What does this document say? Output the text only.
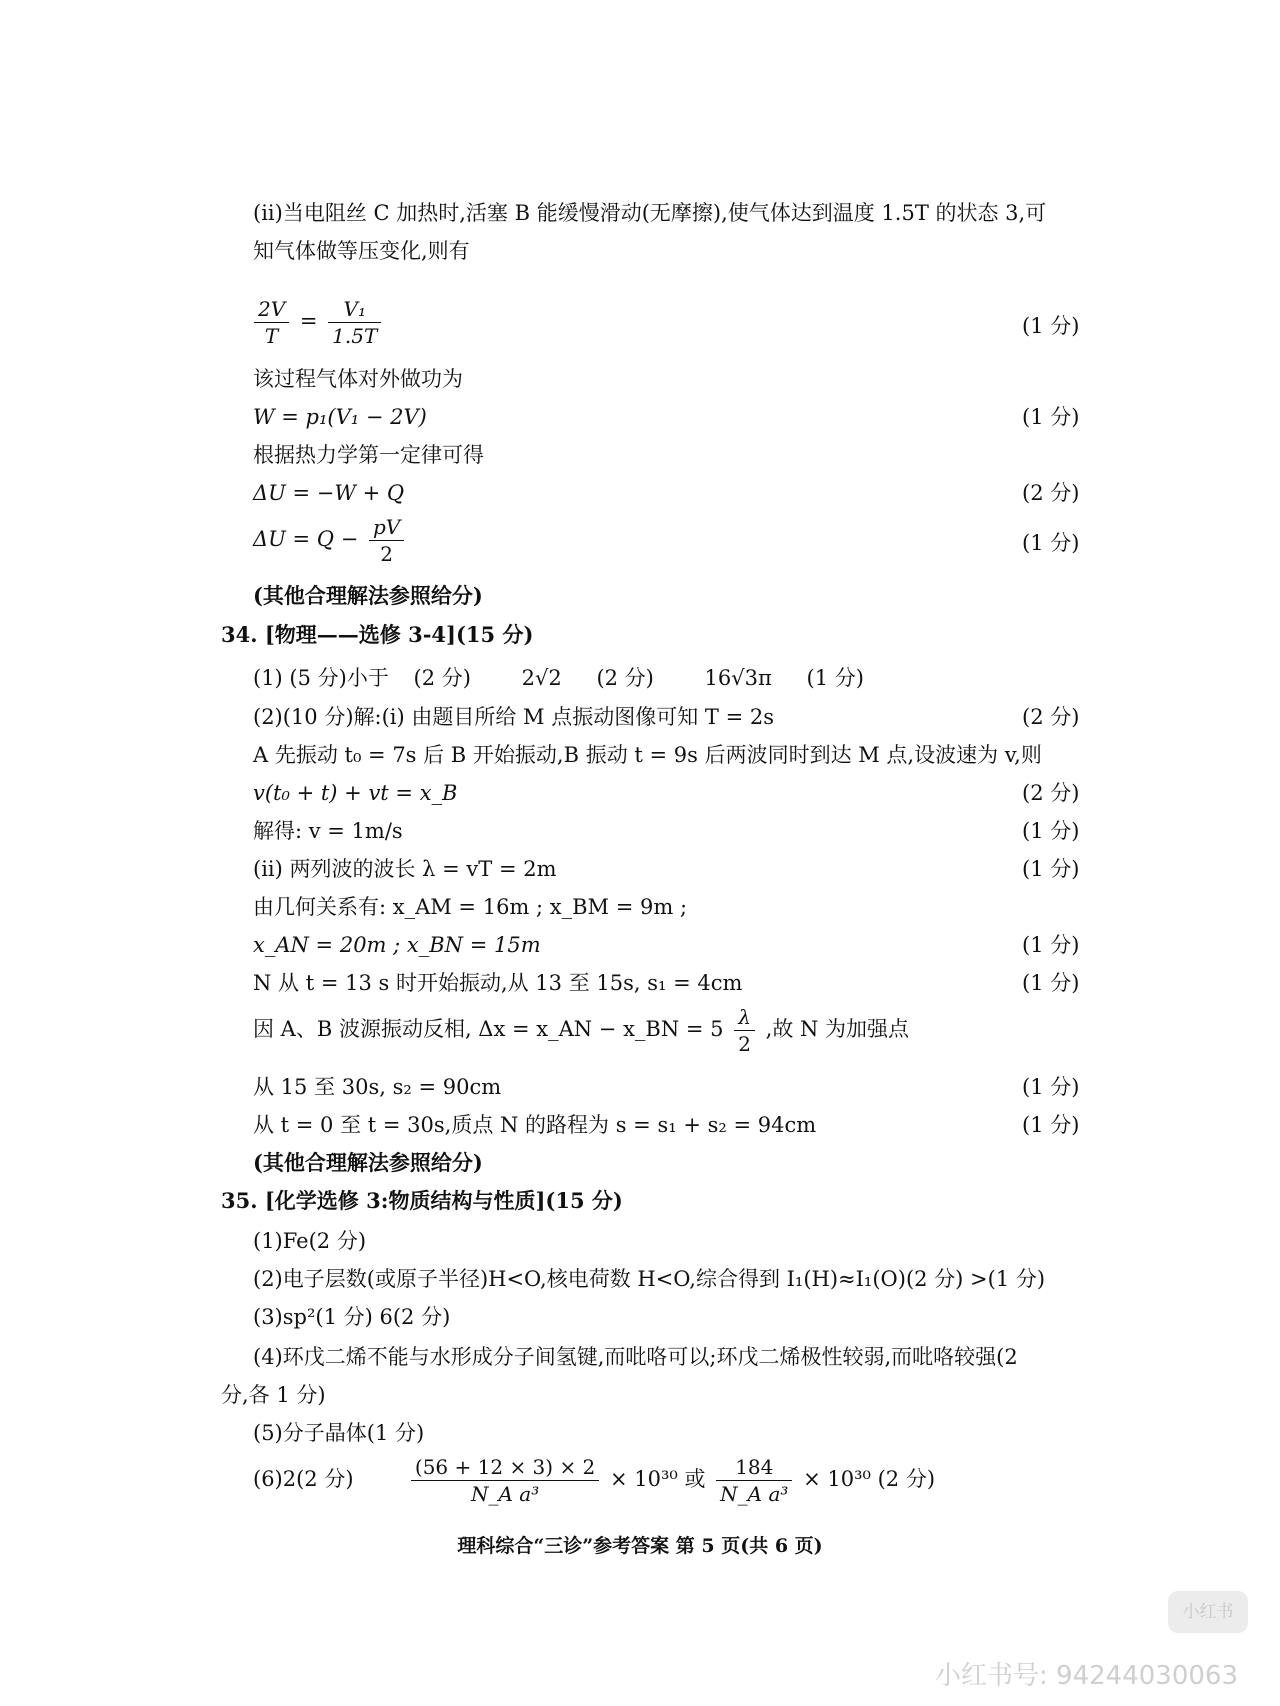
(ii)当电阻丝 C 加热时,活塞 B 能缓慢滑动(无摩擦),使气体达到温度 1.5T 的状态 3,可
知气体做等压变化,则有
$\frac{2V}{T} = \frac{\text{V₁}}{1.5T}$	(1 分)
该过程气体对外做功为
W = p₁(V₁ − 2V)	(1 分)
根据热力学第一定律可得
ΔU = −W + Q	(2 分)
$\Delta U = Q - \frac{pV}{2}$	(1 分)
(其他合理解法参照给分)
34. [物理——选修 3-4](15 分)
(1) (5 分)小于 (2 分) 2√2 (2 分) 16√3π (1 分)
(2)(10 分)解:(i) 由题目所给 M 点振动图像可知 T = 2s	(2 分)
A 先振动 t₀ = 7s 后 B 开始振动,B 振动 t = 9s 后两波同时到达 M 点,设波速为 v,则
v(t₀ + t) + vt = x_B	(2 分)
解得: v = 1m/s	(1 分)
(ii) 两列波的波长 λ = vT = 2m	(1 分)
由几何关系有: x_AM = 16m ; x_BM = 9m ;
x_AN = 20m ; x_BN = 15m	(1 分)
N 从 t = 13 s 时开始振动,从 13 至 15s, s₁ = 4cm	(1 分)
因 A、B 波源振动反相, Δx = x_AN − x_BN = $5 \frac{\lambda}{2}$ ,故 N 为加强点
从 15 至 30s, s₂ = 90cm	(1 分)
从 t = 0 至 t = 30s,质点 N 的路程为 s = s₁ + s₂ = 94cm	(1 分)
(其他合理解法参照给分)
35. [化学选修 3:物质结构与性质](15 分)
(1)Fe(2 分)
(2)电子层数(或原子半径)H<O,核电荷数 H<O,综合得到 I₁(H)≈I₁(O)(2 分) >(1 分)
(3)sp²(1 分) 6(2 分)
(4)环戊二烯不能与水形成分子间氢键,而吡咯可以;环戊二烯极性较弱,而吡咯较强(2
分,各 1 分)
(5)分子晶体(1 分)
(6)2(2 分)	$\frac{(56 + 12 \times 3) \times 2}{\text{N\_A a³}} \times 10^{30}$ 或 $\frac{184}{\text{N\_A a³}} \times 10^{30}$ (2 分)
理科综合“三诊”参考答案 第 5 页(共 6 页)
小红书
小红书号: 94244030063
